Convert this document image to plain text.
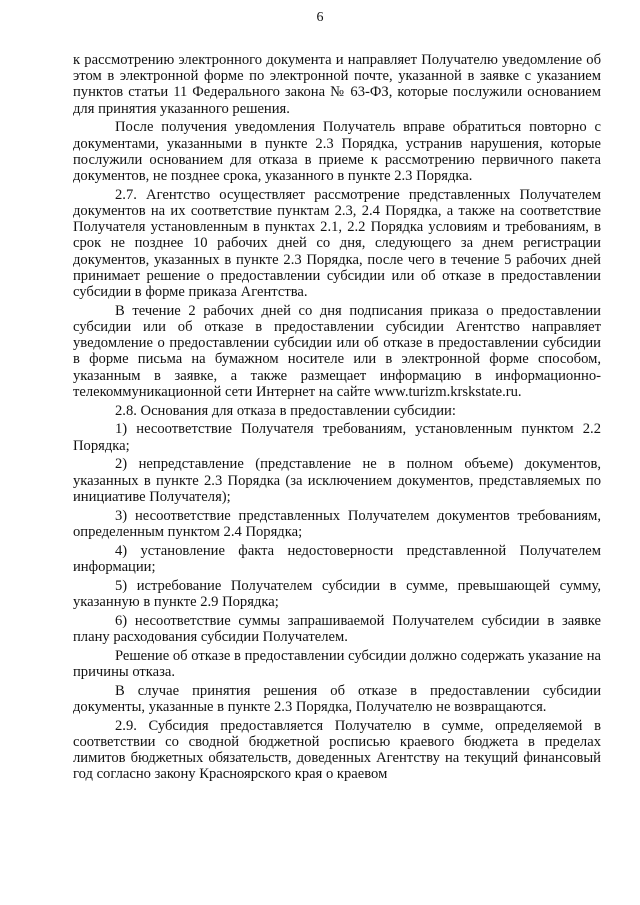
6

к рассмотрению электронного документа и направляет Получателю уведомление об этом в электронной форме по электронной почте, указанной в заявке с указанием пунктов статьи 11 Федерального закона № 63-ФЗ, которые послужили основанием для принятия указанного решения.

После получения уведомления Получатель вправе обратиться повторно с документами, указанными в пункте 2.3 Порядка, устранив нарушения, которые послужили основанием для отказа в приеме к рассмотрению первичного пакета документов, не позднее срока, указанного в пункте 2.3 Порядка.

2.7. Агентство осуществляет рассмотрение представленных Получателем документов на их соответствие пунктам 2.3, 2.4 Порядка, а также на соответствие Получателя установленным в пунктах 2.1, 2.2 Порядка условиям и требованиям, в срок не позднее 10 рабочих дней со дня, следующего за днем регистрации документов, указанных в пункте 2.3 Порядка, после чего в течение 5 рабочих дней принимает решение о предоставлении субсидии или об отказе в предоставлении субсидии в форме приказа Агентства.

В течение 2 рабочих дней со дня подписания приказа о предоставлении субсидии или об отказе в предоставлении субсидии Агентство направляет уведомление о предоставлении субсидии или об отказе в предоставлении субсидии в форме письма на бумажном носителе или в электронной форме способом, указанным в заявке, а также размещает информацию в информационно-телекоммуникационной сети Интернет на сайте www.turizm.krskstate.ru.

2.8. Основания для отказа в предоставлении субсидии:

1) несоответствие Получателя требованиям, установленным пунктом 2.2 Порядка;

2) непредставление (представление не в полном объеме) документов, указанных в пункте 2.3 Порядка (за исключением документов, представляемых по инициативе Получателя);

3) несоответствие представленных Получателем документов требованиям, определенным пунктом 2.4 Порядка;

4) установление факта недостоверности представленной Получателем информации;

5) истребование Получателем субсидии в сумме, превышающей сумму, указанную в пункте 2.9 Порядка;

6) несоответствие суммы запрашиваемой Получателем субсидии в заявке плану расходования субсидии Получателем.

Решение об отказе в предоставлении субсидии должно содержать указание на причины отказа.

В случае принятия решения об отказе в предоставлении субсидии документы, указанные в пункте 2.3 Порядка, Получателю не возвращаются.

2.9. Субсидия предоставляется Получателю в сумме, определяемой в соответствии со сводной бюджетной росписью краевого бюджета в пределах лимитов бюджетных обязательств, доведенных Агентству на текущий финансовый год согласно закону Красноярского края о краевом
